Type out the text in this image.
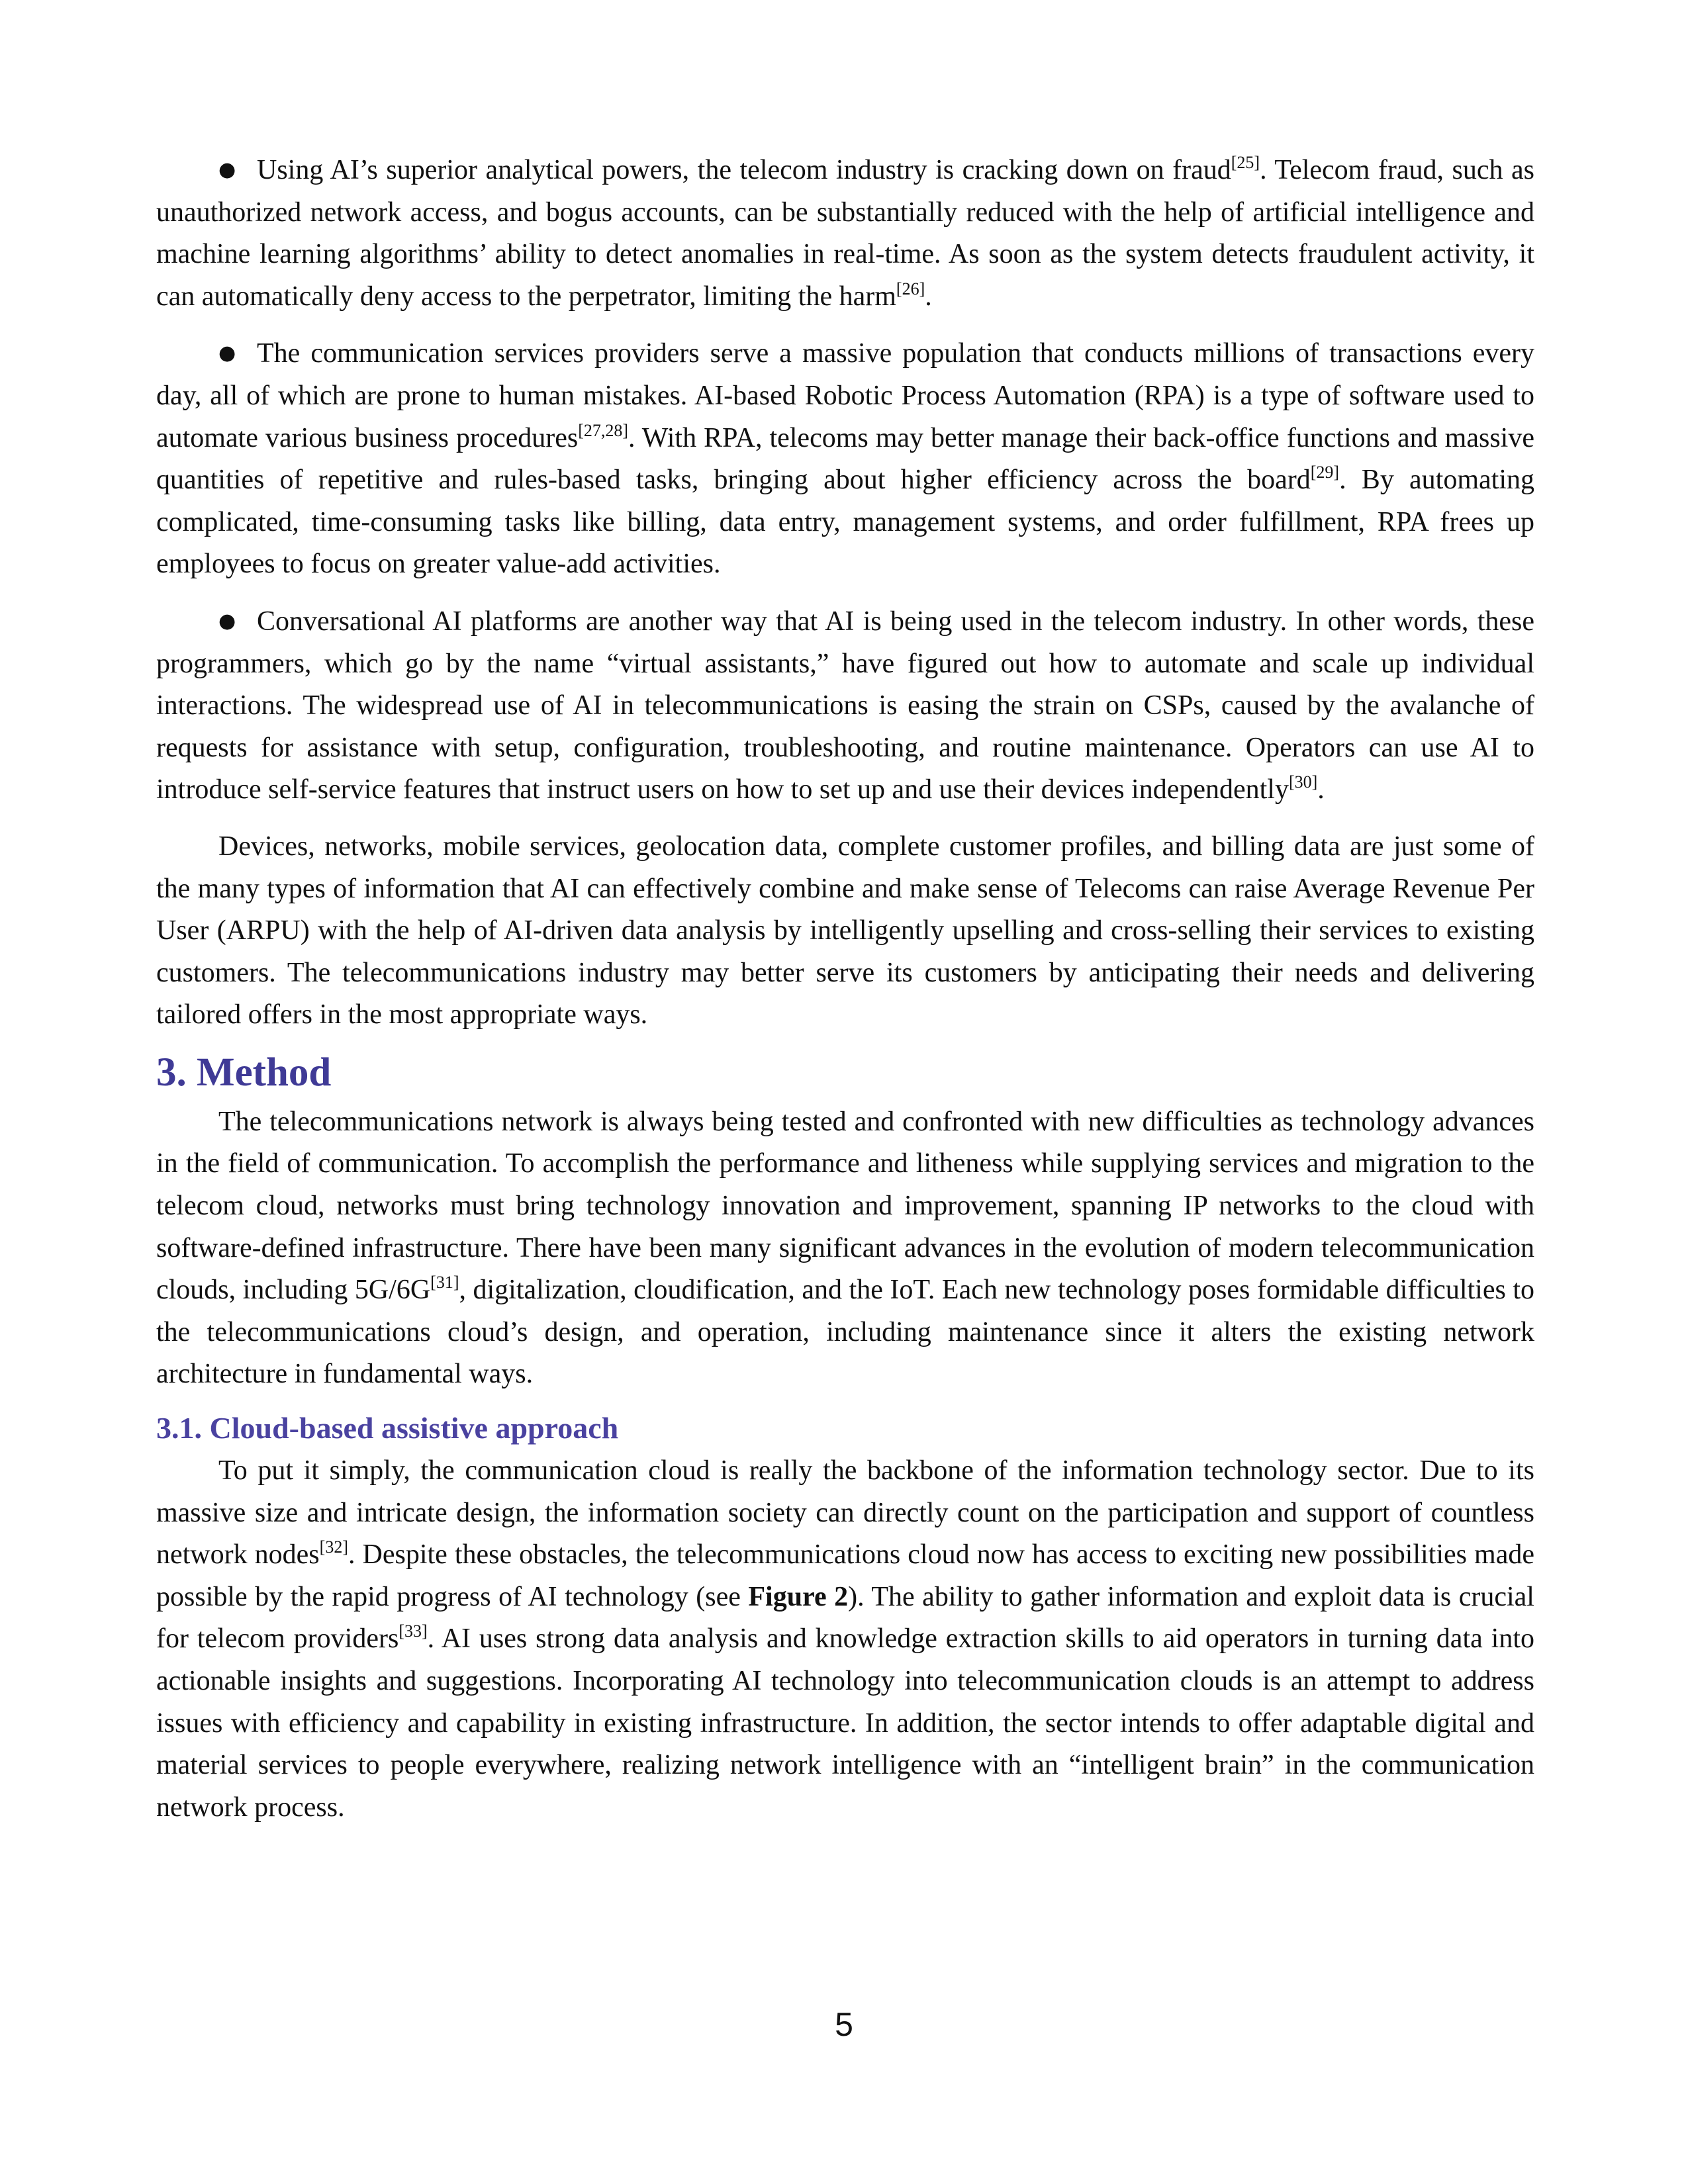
● Using AI’s superior analytical powers, the telecom industry is cracking down on fraud[25]. Telecom fraud, such as unauthorized network access, and bogus accounts, can be substantially reduced with the help of artificial intelligence and machine learning algorithms’ ability to detect anomalies in real-time. As soon as the system detects fraudulent activity, it can automatically deny access to the perpetrator, limiting the harm[26].

● The communication services providers serve a massive population that conducts millions of transactions every day, all of which are prone to human mistakes. AI-based Robotic Process Automation (RPA) is a type of software used to automate various business procedures[27,28]. With RPA, telecoms may better manage their back-office functions and massive quantities of repetitive and rules-based tasks, bringing about higher efficiency across the board[29]. By automating complicated, time-consuming tasks like billing, data entry, management systems, and order fulfillment, RPA frees up employees to focus on greater value-add activities.

● Conversational AI platforms are another way that AI is being used in the telecom industry. In other words, these programmers, which go by the name “virtual assistants,” have figured out how to automate and scale up individual interactions. The widespread use of AI in telecommunications is easing the strain on CSPs, caused by the avalanche of requests for assistance with setup, configuration, troubleshooting, and routine maintenance. Operators can use AI to introduce self-service features that instruct users on how to set up and use their devices independently[30].

Devices, networks, mobile services, geolocation data, complete customer profiles, and billing data are just some of the many types of information that AI can effectively combine and make sense of Telecoms can raise Average Revenue Per User (ARPU) with the help of AI-driven data analysis by intelligently upselling and cross-selling their services to existing customers. The telecommunications industry may better serve its customers by anticipating their needs and delivering tailored offers in the most appropriate ways.

3. Method

The telecommunications network is always being tested and confronted with new difficulties as technology advances in the field of communication. To accomplish the performance and litheness while supplying services and migration to the telecom cloud, networks must bring technology innovation and improvement, spanning IP networks to the cloud with software-defined infrastructure. There have been many significant advances in the evolution of modern telecommunication clouds, including 5G/6G[31], digitalization, cloudification, and the IoT. Each new technology poses formidable difficulties to the telecommunications cloud’s design, and operation, including maintenance since it alters the existing network architecture in fundamental ways.

3.1. Cloud-based assistive approach

To put it simply, the communication cloud is really the backbone of the information technology sector. Due to its massive size and intricate design, the information society can directly count on the participation and support of countless network nodes[32]. Despite these obstacles, the telecommunications cloud now has access to exciting new possibilities made possible by the rapid progress of AI technology (see Figure 2). The ability to gather information and exploit data is crucial for telecom providers[33]. AI uses strong data analysis and knowledge extraction skills to aid operators in turning data into actionable insights and suggestions. Incorporating AI technology into telecommunication clouds is an attempt to address issues with efficiency and capability in existing infrastructure. In addition, the sector intends to offer adaptable digital and material services to people everywhere, realizing network intelligence with an “intelligent brain” in the communication network process.

5
